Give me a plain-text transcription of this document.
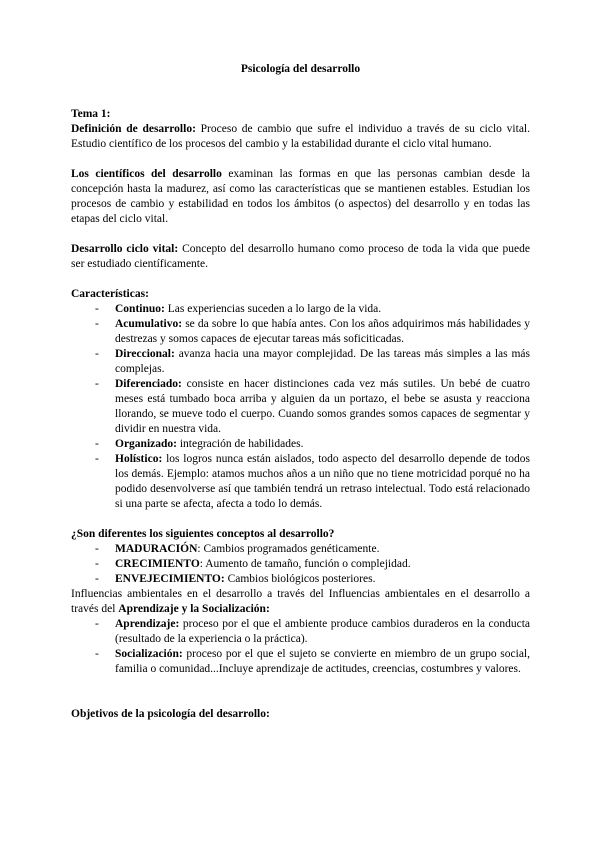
Psicología del desarrollo

Tema 1:

Definición de desarrollo: Proceso de cambio que sufre el individuo a través de su ciclo vital. Estudio científico de los procesos del cambio y la estabilidad durante el ciclo vital humano.

Los científicos del desarrollo examinan las formas en que las personas cambian desde la concepción hasta la madurez, así como las características que se mantienen estables. Estudian los procesos de cambio y estabilidad en todos los ámbitos (o aspectos) del desarrollo y en todas las etapas del ciclo vital.

Desarrollo ciclo vital: Concepto del desarrollo humano como proceso de toda la vida que puede ser estudiado científicamente.

Características:

-	Continuo: Las experiencias suceden a lo largo de la vida.
-	Acumulativo: se da sobre lo que había antes. Con los años adquirimos más habilidades y destrezas y somos capaces de ejecutar tareas más soficiticadas.
-	Direccional: avanza hacia una mayor complejidad. De las tareas más simples a las más complejas.
-	Diferenciado: consiste en hacer distinciones cada vez más sutiles. Un bebé de cuatro meses está tumbado boca arriba y alguien da un portazo, el bebe se asusta y reacciona llorando, se mueve todo el cuerpo. Cuando somos grandes somos capaces de segmentar y dividir en nuestra vida.
-	Organizado: integración de habilidades.
-	Holístico: los logros nunca están aislados, todo aspecto del desarrollo depende de todos los demás. Ejemplo: atamos muchos años a un niño que no tiene motricidad porqué no ha podido desenvolverse así que también tendrá un retraso intelectual. Todo está relacionado si una parte se afecta, afecta a todo lo demás.

¿Son diferentes los siguientes conceptos al desarrollo?

-	MADURACIÓN: Cambios programados genéticamente.
-	CRECIMIENTO: Aumento de tamaño, función o complejidad.
-	ENVEJECIMIENTO: Cambios biológicos posteriores.

Influencias ambientales en el desarrollo a través del Influencias ambientales en el desarrollo a través del Aprendizaje y la Socialización:

-	Aprendizaje: proceso por el que el ambiente produce cambios duraderos en la conducta (resultado de la experiencia o la práctica).
-	Socialización: proceso por el que el sujeto se convierte en miembro de un grupo social, familia o comunidad...Incluye aprendizaje de actitudes, creencias, costumbres y valores.

Objetivos de la psicología del desarrollo:
